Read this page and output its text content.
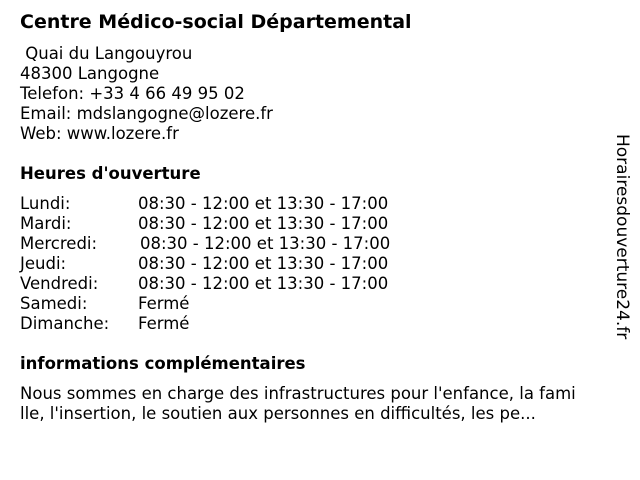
Centre Médico-social Départemental
Quai du Langouyrou
48300 Langogne
Telefon: +33 4 66 49 95 02
Email: mdslangogne@lozere.fr
Web: www.lozere.fr
Heures d'ouverture
Lundi:	08:30 - 12:00 et 13:30 - 17:00
Mardi:	08:30 - 12:00 et 13:30 - 17:00
Mercredi:	08:30 - 12:00 et 13:30 - 17:00
Jeudi:	08:30 - 12:00 et 13:30 - 17:00
Vendredi: 08:30 - 12:00 et 13:30 - 17:00
Samedi:	Fermé
Dimanche: Fermé
informations complémentaires
Nous sommes en charge des infrastructures pour l'enfance, la famille, l'insertion, le soutien aux personnes en difficultés, les pe...
Horairesdouverture24.fr
